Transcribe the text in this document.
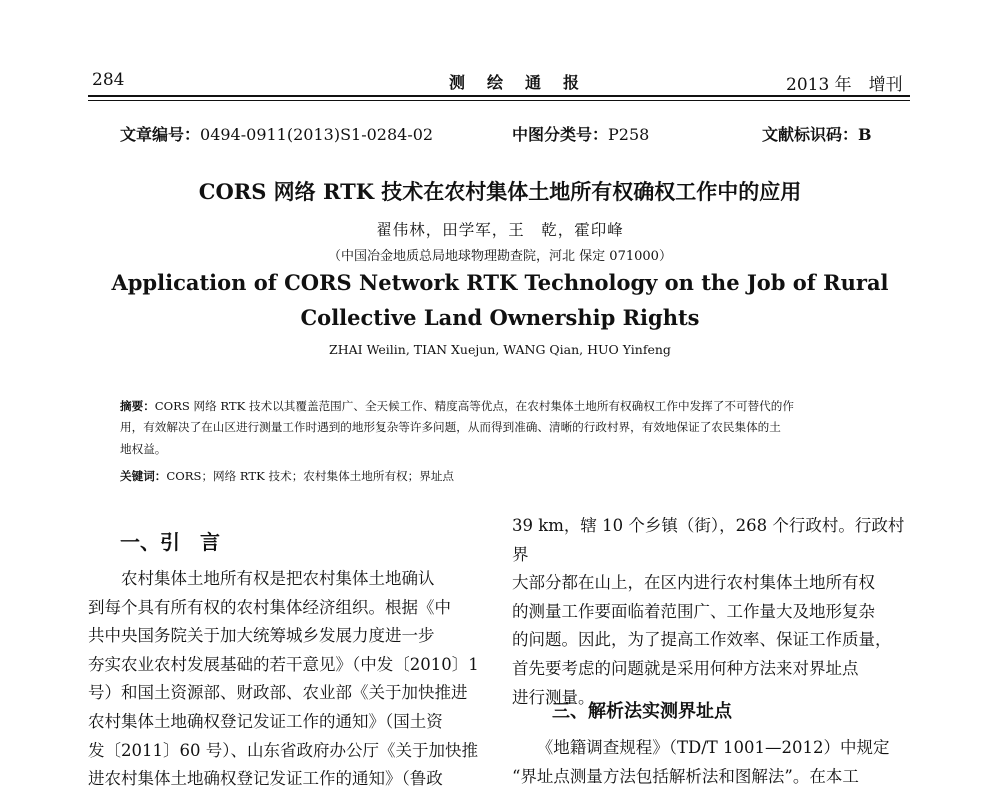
284	测　绘　通　报	2013 年　增刊
文章编号：0494-0911(2013)S1-0284-02	中图分类号：P258	文献标识码：B
CORS 网络 RTK 技术在农村集体土地所有权确权工作中的应用
翟伟林，田学军，王　乾，霍印峰
（中国冶金地质总局地球物理勘查院，河北 保定 071000）
Application of CORS Network RTK Technology on the Job of Rural
Collective Land Ownership Rights
ZHAI Weilin, TIAN Xuejun, WANG Qian, HUO Yinfeng
摘要：CORS 网络 RTK 技术以其覆盖范围广、全天候工作、精度高等优点，在农村集体土地所有权确权工作中发挥了不可替代的作
用，有效解决了在山区进行测量工作时遇到的地形复杂等许多问题，从而得到准确、清晰的行政村界，有效地保证了农民集体的土
地权益。
关键词：CORS；网络 RTK 技术；农村集体土地所有权；界址点
一、引　言

　　农村集体土地所有权是把农村集体土地确认

到每个具有所有权的农村集体经济组织。根据《中

共中央国务院关于加大统筹城乡发展力度进一步

夯实农业农村发展基础的若干意见》（中发〔2010〕1

号）和国土资源部、财政部、农业部《关于加快推进

农村集体土地确权登记发证工作的通知》（国土资

发〔2011〕60 号）、山东省政府办公厅《关于加快推

进农村集体土地确权登记发证工作的通知》（鲁政

39 km，辖 10 个乡镇（街），268 个行政村。行政村界

大部分都在山上，在区内进行农村集体土地所有权

的测量工作要面临着范围广、工作量大及地形复杂

的问题。因此，为了提高工作效率、保证工作质量，

首先要考虑的问题就是采用何种方法来对界址点

进行测量。

三、解析法实测界址点

　　《地籍调查规程》（TD/T 1001—2012）中规定

“界址点测量方法包括解析法和图解法”。在本工
